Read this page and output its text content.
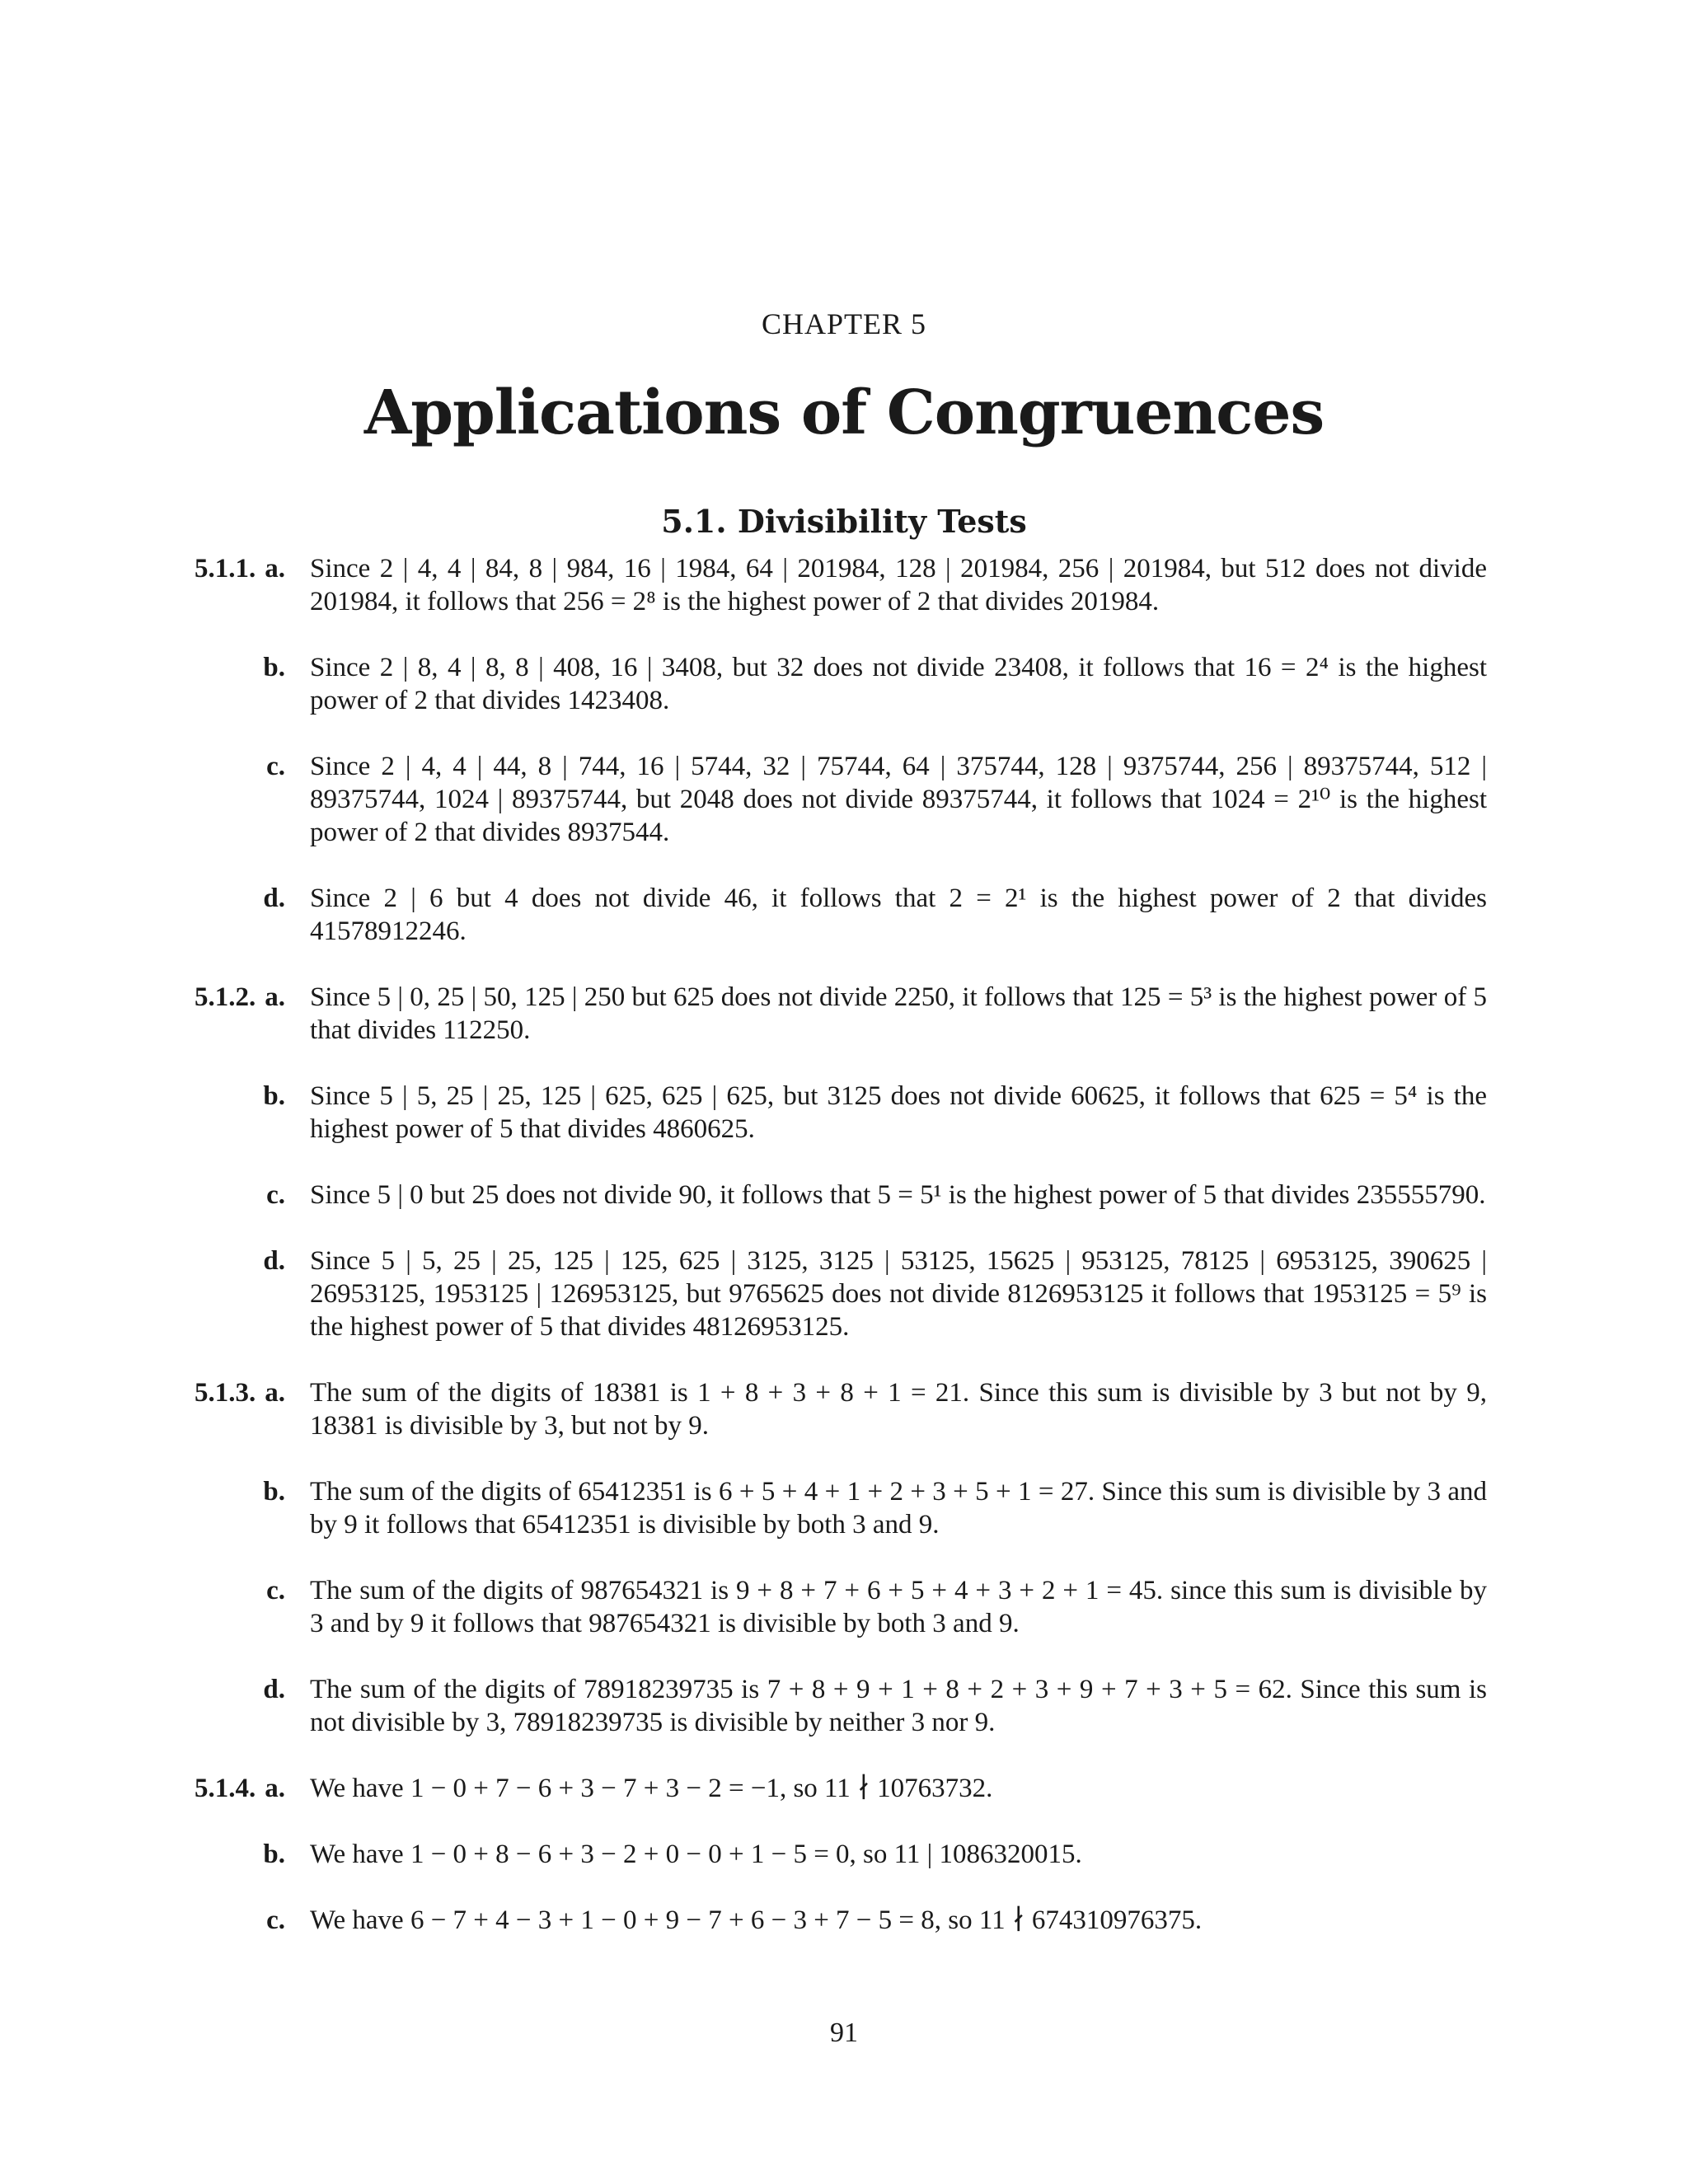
CHAPTER 5
Applications of Congruences
5.1. Divisibility Tests
5.1.1. a. Since 2 | 4, 4 | 84, 8 | 984, 16 | 1984, 64 | 201984, 128 | 201984, 256 | 201984, but 512 does not divide 201984, it follows that 256 = 2⁸ is the highest power of 2 that divides 201984.
b. Since 2 | 8, 4 | 8, 8 | 408, 16 | 3408, but 32 does not divide 23408, it follows that 16 = 2⁴ is the highest power of 2 that divides 1423408.
c. Since 2 | 4, 4 | 44, 8 | 744, 16 | 5744, 32 | 75744, 64 | 375744, 128 | 9375744, 256 | 89375744, 512 | 89375744, 1024 | 89375744, but 2048 does not divide 89375744, it follows that 1024 = 2¹⁰ is the highest power of 2 that divides 8937544.
d. Since 2 | 6 but 4 does not divide 46, it follows that 2 = 2¹ is the highest power of 2 that divides 41578912246.
5.1.2. a. Since 5 | 0, 25 | 50, 125 | 250 but 625 does not divide 2250, it follows that 125 = 5³ is the highest power of 5 that divides 112250.
b. Since 5 | 5, 25 | 25, 125 | 625, 625 | 625, but 3125 does not divide 60625, it follows that 625 = 5⁴ is the highest power of 5 that divides 4860625.
c. Since 5 | 0 but 25 does not divide 90, it follows that 5 = 5¹ is the highest power of 5 that divides 235555790.
d. Since 5 | 5, 25 | 25, 125 | 125, 625 | 3125, 3125 | 53125, 15625 | 953125, 78125 | 6953125, 390625 | 26953125, 1953125 | 126953125, but 9765625 does not divide 8126953125 it follows that 1953125 = 5⁹ is the highest power of 5 that divides 48126953125.
5.1.3. a. The sum of the digits of 18381 is 1 + 8 + 3 + 8 + 1 = 21. Since this sum is divisible by 3 but not by 9, 18381 is divisible by 3, but not by 9.
b. The sum of the digits of 65412351 is 6 + 5 + 4 + 1 + 2 + 3 + 5 + 1 = 27. Since this sum is divisible by 3 and by 9 it follows that 65412351 is divisible by both 3 and 9.
c. The sum of the digits of 987654321 is 9 + 8 + 7 + 6 + 5 + 4 + 3 + 2 + 1 = 45. since this sum is divisible by 3 and by 9 it follows that 987654321 is divisible by both 3 and 9.
d. The sum of the digits of 78918239735 is 7 + 8 + 9 + 1 + 8 + 2 + 3 + 9 + 7 + 3 + 5 = 62. Since this sum is not divisible by 3, 78918239735 is divisible by neither 3 nor 9.
5.1.4. a. We have 1 − 0 + 7 − 6 + 3 − 7 + 3 − 2 = −1, so 11 ∤ 10763732.
b. We have 1 − 0 + 8 − 6 + 3 − 2 + 0 − 0 + 1 − 5 = 0, so 11 | 1086320015.
c. We have 6 − 7 + 4 − 3 + 1 − 0 + 9 − 7 + 6 − 3 + 7 − 5 = 8, so 11 ∤ 674310976375.
91
